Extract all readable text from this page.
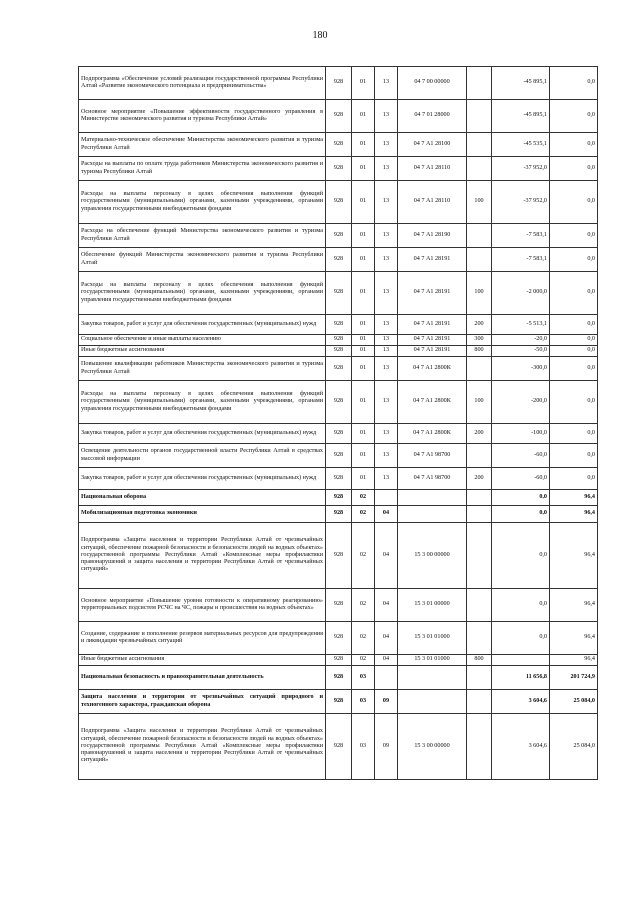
180
Подпрограмма «Обеспечение условий реализации государственной программы Республики Алтай «Развитие экономического потенциала и предпринимательства»	928	01	13	04 7 00 00000		-45 895,1	0,0
Основное мероприятие «Повышение эффективности государственного управления в Министерстве экономического развития и туризма Республики Алтай»	928	01	13	04 7 01 28000		-45 895,1	0,0
Материально-техническое обеспечение Министерства экономического развития и туризма Республики Алтай	928	01	13	04 7 А1 28100		-45 535,1	0,0
Расходы на выплаты по оплате труда работников Министерства экономического развития и туризма Республики Алтай	928	01	13	04 7 А1 28110		-37 952,0	0,0
Расходы на выплаты персоналу в целях обеспечения выполнения функций государственными (муниципальными) органами, казенными учреждениями, органами управления государственными внебюджетными фондами	928	01	13	04 7 А1 28110	100	-37 952,0	0,0
Расходы на обеспечение функций Министерства экономического развития и туризма Республики Алтай	928	01	13	04 7 А1 28190		-7 583,1	0,0
Обеспечение функций Министерства экономического развития и туризма Республики Алтай	928	01	13	04 7 А1 28191		-7 583,1	0,0
Расходы на выплаты персоналу в целях обеспечения выполнения функций государственными (муниципальными) органами, казенными учреждениями, органами управления государственными внебюджетными фондами	928	01	13	04 7 А1 28191	100	-2 000,0	0,0
Закупка товаров, работ и услуг для обеспечения государственных (муниципальных) нужд	928	01	13	04 7 А1 28191	200	-5 513,1	0,0
Социальное обеспечение и иные выплаты населению	928	01	13	04 7 А1 28191	300	-20,0	0,0
Иные бюджетные ассигнования	928	01	13	04 7 А1 28191	800	-50,0	0,0
Повышение квалификации работников Министерства экономического развития и туризма Республики Алтай	928	01	13	04 7 А1 2800К		-300,0	0,0
Расходы на выплаты персоналу в целях обеспечения выполнения функций государственными (муниципальными) органами, казенными учреждениями, органами управления государственными внебюджетными фондами	928	01	13	04 7 А1 2800К	100	-200,0	0,0
Закупка товаров, работ и услуг для обеспечения государственных (муниципальных) нужд	928	01	13	04 7 А1 2800К	200	-100,0	0,0
Освещение деятельности органов государственной власти Республики Алтай в средствах массовой информации	928	01	13	04 7 А1 98700		-60,0	0,0
Закупка товаров, работ и услуг для обеспечения государственных (муниципальных) нужд	928	01	13	04 7 А1 98700	200	-60,0	0,0
Национальная оборона	928	02				0,0	96,4
Мобилизационная подготовка экономики	928	02	04			0,0	96,4
Подпрограмма «Защита населения и территории Республики Алтай от чрезвычайных ситуаций, обеспечение пожарной безопасности и безопасности людей на водных объектах» государственной программы Республики Алтай «Комплексные меры профилактики правонарушений и защита населения и территории Республики Алтай от чрезвычайных ситуаций»	928	02	04	15 3 00 00000		0,0	96,4
Основное мероприятие «Повышение уровня готовности к оперативному реагированию» территориальных подсистем РСЧС на ЧС, пожары и происшествия на водных объектах»	928	02	04	15 3 01 00000		0,0	96,4
Создание, содержание и пополнение резервов материальных ресурсов для предупреждения и ликвидации чрезвычайных ситуаций	928	02	04	15 3 01 01000		0,0	96,4
Иные бюджетные ассигнования	928	02	04	15 3 01 01000	800		96,4
Национальная безопасность и правоохранительная деятельность	928	03				11 656,8	201 724,9
Защита населения и территории от чрезвычайных ситуаций природного и техногенного характера, гражданская оборона	928	03	09			3 604,6	25 084,0
Подпрограмма «Защита населения и территории Республики Алтай от чрезвычайных ситуаций, обеспечение пожарной безопасности и безопасности людей на водных объектах» государственной программы Республики Алтай «Комплексные меры профилактики правонарушений и защита населения и территории Республики Алтай от чрезвычайных ситуаций»	928	03	09	15 3 00 00000		3 604,6	25 084,0
